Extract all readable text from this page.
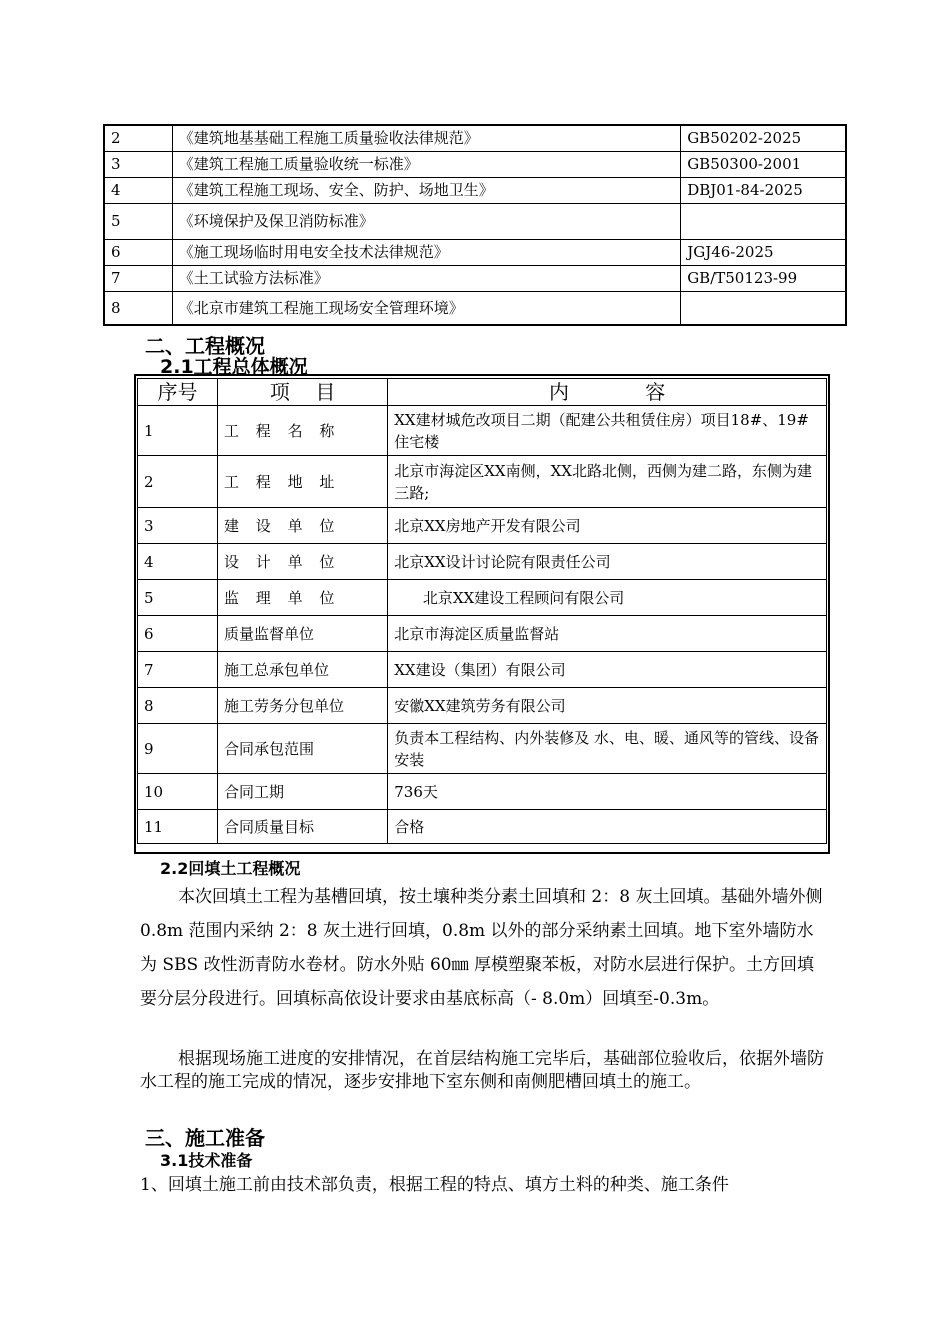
2	《建筑地基基础工程施工质量验收法律规范》	GB50202-2025
3	《建筑工程施工质量验收统一标准》	GB50300-2001
4	《建筑工程施工现场、安全、防护、场地卫生》	DBJ01-84-2025
5	《环境保护及保卫消防标准》	
6	《施工现场临时用电安全技术法律规范》	JGJ46-2025
7	《土工试验方法标准》	GB/T50123-99
8	《北京市建筑工程施工现场安全管理环境》	
二、工程概况
2.1工程总体概况
序号	项    目	内            容
1	工 程 名 称	XX建材城危改项目二期（配建公共租赁住房）项目18#、19#住宅楼
2	工 程 地 址	北京市海淀区XX南侧，XX北路北侧，西侧为建二路，东侧为建三路;
3	建 设 单 位	北京XX房地产开发有限公司
4	设 计 单 位	北京XX设计讨论院有限责任公司
5	监 理 单 位	北京XX建设工程顾问有限公司
6	质量监督单位	北京市海淀区质量监督站
7	施工总承包单位	XX建设（集团）有限公司
8	施工劳务分包单位	安徽XX建筑劳务有限公司
9	合同承包范围	负责本工程结构、内外装修及 水、电、暖、通风等的管线、设备安装
10	合同工期	736天
11	合同质量目标	合格
2.2回填土工程概况
本次回填土工程为基槽回填，按土壤种类分素土回填和 2：8 灰土回填。基础外墙外侧 0.8m 范围内采纳 2：8 灰土进行回填，0.8m 以外的部分采纳素土回填。地下室外墙防水为 SBS 改性沥青防水卷材。防水外贴 60㎜ 厚模塑聚苯板，对防水层进行保护。土方回填要分层分段进行。回填标高依设计要求由基底标高（- 8.0m）回填至-0.3m。
根据现场施工进度的安排情况，在首层结构施工完毕后，基础部位验收后，依据外墙防水工程的施工完成的情况，逐步安排地下室东侧和南侧肥槽回填土的施工。
三、施工准备
3.1技术准备
1、回填土施工前由技术部负责，根据工程的特点、填方土料的种类、施工条件
